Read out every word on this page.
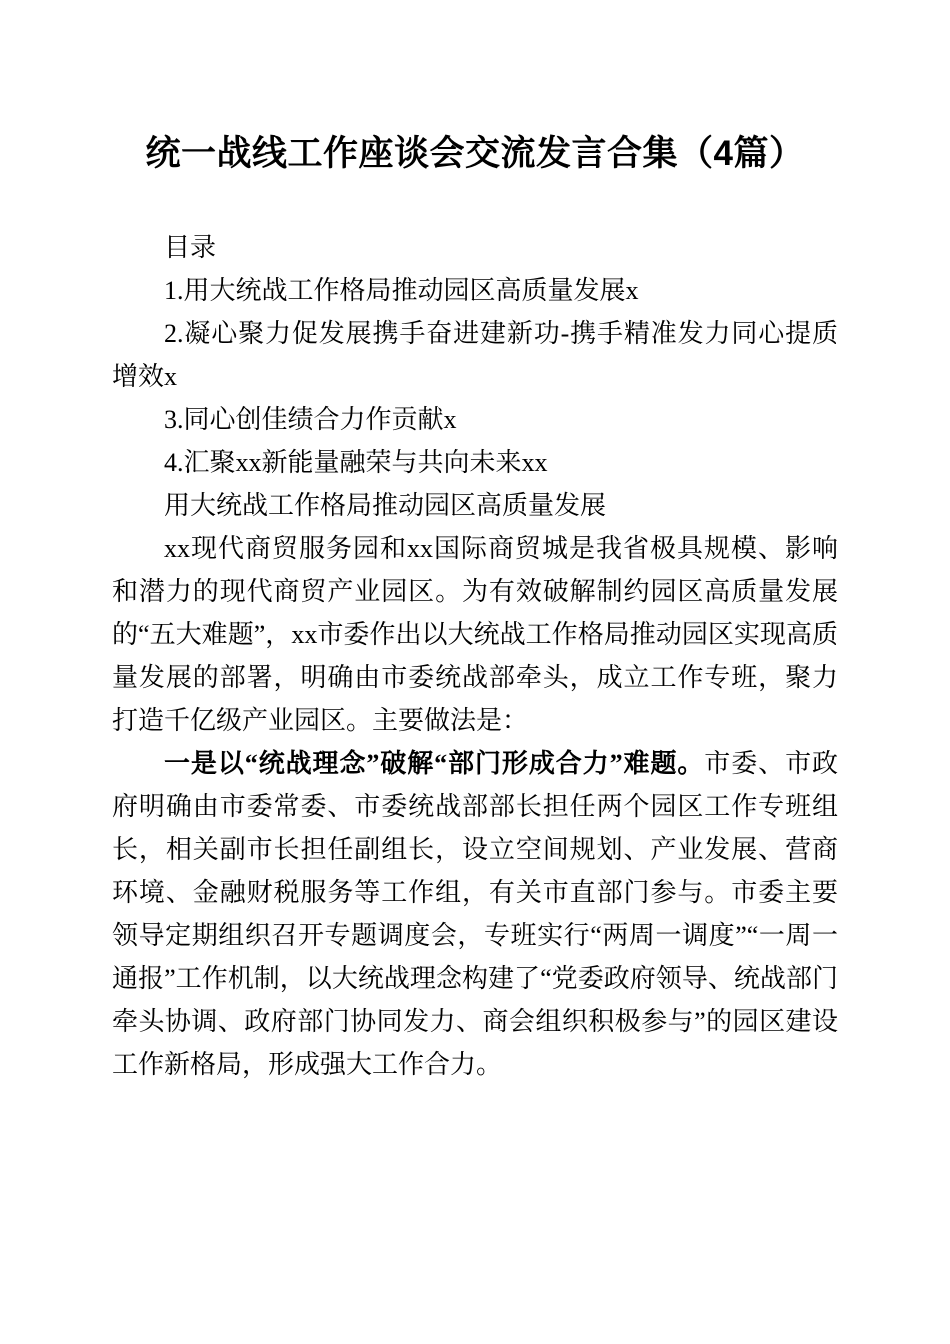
统一战线工作座谈会交流发言合集（4篇）

目录

1.用大统战工作格局推动园区高质量发展x

2.凝心聚力促发展携手奋进建新功-携手精准发力同心提质增效x

3.同心创佳绩合力作贡献x

4.汇聚xx新能量融荣与共向未来xx

用大统战工作格局推动园区高质量发展

xx现代商贸服务园和xx国际商贸城是我省极具规模、影响和潜力的现代商贸产业园区。为有效破解制约园区高质量发展的“五大难题”，xx市委作出以大统战工作格局推动园区实现高质量发展的部署，明确由市委统战部牵头，成立工作专班，聚力打造千亿级产业园区。主要做法是：

一是以“统战理念”破解“部门形成合力”难题。市委、市政府明确由市委常委、市委统战部部长担任两个园区工作专班组长，相关副市长担任副组长，设立空间规划、产业发展、营商环境、金融财税服务等工作组，有关市直部门参与。市委主要领导定期组织召开专题调度会，专班实行“两周一调度”“一周一通报”工作机制，以大统战理念构建了“党委政府领导、统战部门牵头协调、政府部门协同发力、商会组织积极参与”的园区建设工作新格局，形成强大工作合力。
